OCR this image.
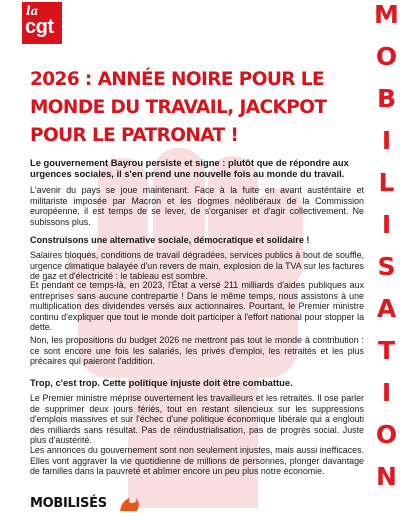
la
cgt	M
O
B
I
L
I
S
A
T
I
O
N
2026 : ANNÉE NOIRE POUR LE MONDE DU TRAVAIL, JACKPOT POUR LE PATRONAT !

Le gouvernement Bayrou persiste et signe : plutôt que de répondre aux urgences sociales, il s'en prend une nouvelle fois au monde du travail.

L'avenir du pays se joue maintenant. Face à la fuite en avant austéritaire et militariste imposée par Macron et les dogmes néolibéraux de la Commission européenne, il est temps de se lever, de s'organiser et d'agir collectivement. Ne subissons plus.

Construisons une alternative sociale, démocratique et solidaire !

Salaires bloqués, conditions de travail dégradées, services publics à bout de souffle, urgence climatique balayée d'un revers de main, explosion de la TVA sur les factures de gaz et d'électricité : le tableau est sombre.

Et pendant ce temps-là, en 2023, l'État a versé 211 milliards d'aides publiques aux entreprises sans aucune contrepartie ! Dans le même temps, nous assistons à une multiplication des dividendes versés aux actionnaires. Pourtant, le Premier ministre continu d'expliquer que tout le monde doit participer à l'effort national pour stopper la dette.

Non, les propositions du budget 2026 ne mettront pas tout le monde à contribution : ce sont encore une fois les salariés, les privés d'emploi, les retraités et les plus précaires qui paieront l'addition.

Trop, c'est trop. Cette politique injuste doit être combattue.

Le Premier ministre méprise ouvertement les travailleurs et les retraités. Il ose parler de supprimer deux jours fériés, tout en restant silencieux sur les suppressions d'emplois massives et sur l'échec d'une politique économique libérale qui a englouti des milliards sans résultat. Pas de réindustrialisation, pas de progrès social. Juste plus d'austérité.

Les annonces du gouvernement sont non seulement injustes, mais aussi inefficaces. Elles vont aggraver la vie quotidienne de millions de personnes, plonger davantage de familles dans la pauvreté et abîmer encore un peu plus notre économie.

MOBILISÉS
